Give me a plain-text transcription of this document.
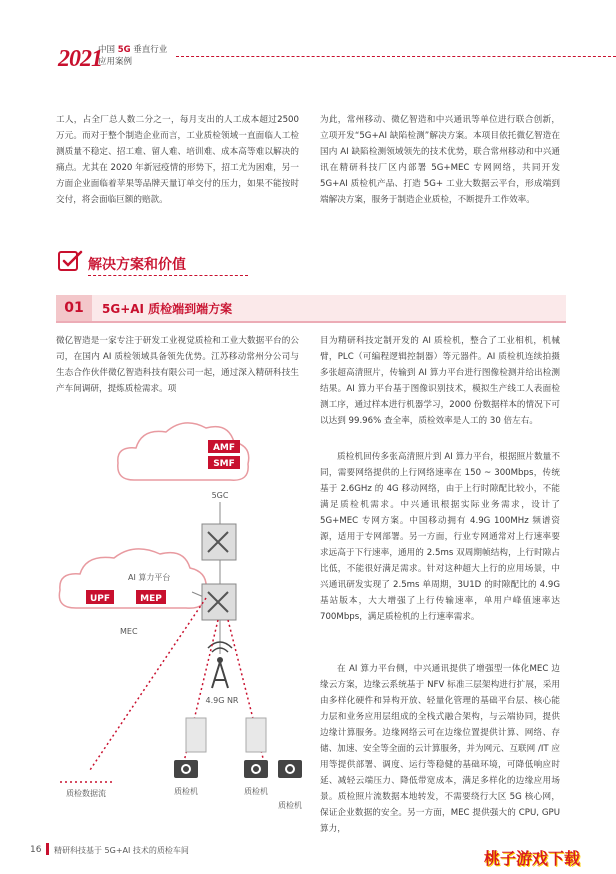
2021
中国 5G 垂直行业
应用案例
工人，占全厂总人数二分之一，每月支出的人工成本超过2500 万元。而对于整个制造企业而言，工业质检领域一直面临人工检测质量不稳定、招工难、留人难、培训难、成本高等难以解决的痛点。尤其在 2020 年新冠疫情的形势下，招工尤为困难，另一方面企业面临着苹果等品牌天量订单交付的压力，如果不能按时交付，将会面临巨额的赔款。
为此，常州移动、微亿智造和中兴通讯等单位进行联合创新，立项开发“5G+AI 缺陷检测”解决方案。本项目依托微亿智造在国内 AI 缺陷检测领域领先的技术优势，联合常州移动和中兴通讯在精研科技厂区内部署 5G+MEC 专网网络，共同开发 5G+AI 质检机产品、打造 5G+ 工业大数据云平台，形成端到端解决方案，服务于制造企业质检，不断提升工作效率。
解决方案和价值
01	5G+AI 质检端到端方案
微亿智造是一家专注于研发工业视觉质检和工业大数据平台的公司，在国内 AI 质检领域具备领先优势。江苏移动常州分公司与生态合作伙伴微亿智造科技有限公司一起，通过深入精研科技生产车间调研，提炼质检需求。项
目为精研科技定制开发的 AI 质检机，整合了工业相机，机械臂，PLC（可编程逻辑控制器）等元器件。AI 质检机连续拍摄多张超高清照片，传输到 AI 算力平台进行图像检测并给出检测结果。AI 算力平台基于图像识别技术，模拟生产线工人表面检测工序，通过样本进行机器学习，2000 份数据样本的情况下可以达到 99.96% 查全率，质检效率是人工的 30 倍左右。
质检机回传多张高清照片到 AI 算力平台，根据照片数量不同，需要网络提供的上行网络速率在 150 ~ 300Mbps，传统基于 2.6GHz 的 4G 移动网络，由于上行时隙配比较小，不能满足质检机需求。中兴通讯根据实际业务需求，设计了 5G+MEC 专网方案。中国移动拥有 4.9G 100MHz 频谱资源，适用于专网部署。另一方面，行业专网通常对上行速率要求远高于下行速率，通用的 2.5ms 双周期帧结构，上行时隙占比低，不能很好满足需求。针对这种超大上行的应用场景，中兴通讯研发实现了 2.5ms 单周期，3U1D 的时隙配比的 4.9G 基站版本，大大增强了上行传输速率，单用户峰值速率达 700Mbps，满足质检机的上行速率需求。
在 AI 算力平台侧，中兴通讯提供了增强型一体化MEC 边缘云方案，边缘云系统基于 NFV 标准三层架构进行扩展，采用由多样化硬件和异构开放、轻量化管理的基础平台层、核心能力层和业务应用层组成的全栈式融合架构，与云端协同，提供边缘计算服务。边缘网络云可在边缘位置提供计算、网络、存储、加速、安全等全面的云计算服务，并为网元、互联网 /IT 应用等提供部署、调度、运行等稳健的基础环境，可降低响应时延、减轻云端压力、降低带宽成本，满足多样化的边缘应用场景。质检照片流数据本地转发，不需要绕行大区 5G 核心网，保证企业数据的安全。另一方面，MEC 提供强大的 CPU, GPU 算力，
AMF
SMF
5GC
AI 算力平台
UPF	MEP
MEC
4.9G NR
质检机	质检机
质检机
质检数据流
16 精研科技基于 5G+AI 技术的质检车间	桃子游戏下载
